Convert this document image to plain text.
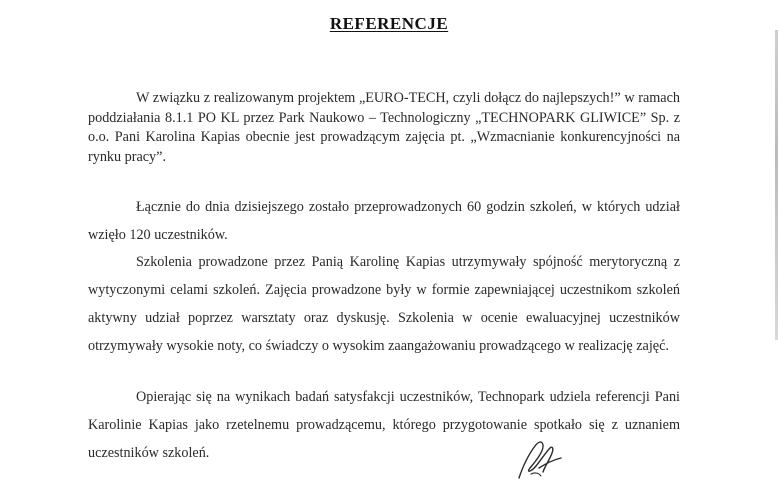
REFERENCJE

W związku z realizowanym projektem „EURO-TECH, czyli dołącz do najlepszych!” w ramach poddziałania 8.1.1 PO KL przez Park Naukowo – Technologiczny „TECHNOPARK GLIWICE” Sp. z o.o. Pani Karolina Kapias obecnie jest prowadzącym zajęcia pt. „Wzmacnianie konkurencyjności na rynku pracy”.

Łącznie do dnia dzisiejszego zostało przeprowadzonych 60 godzin szkoleń, w których udział wzięło 120 uczestników.

Szkolenia prowadzone przez Panią Karolinę Kapias utrzymywały spójność merytoryczną z wytyczonymi celami szkoleń. Zajęcia prowadzone były w formie zapewniającej uczestnikom szkoleń aktywny udział poprzez warsztaty oraz dyskusję. Szkolenia w ocenie ewaluacyjnej uczestników otrzymywały wysokie noty, co świadczy o wysokim zaangażowaniu prowadzącego w realizację zajęć.

Opierając się na wynikach badań satysfakcji uczestników, Technopark udziela referencji Pani Karolinie Kapias jako rzetelnemu prowadzącemu, którego przygotowanie spotkało się z uznaniem uczestników szkoleń.
